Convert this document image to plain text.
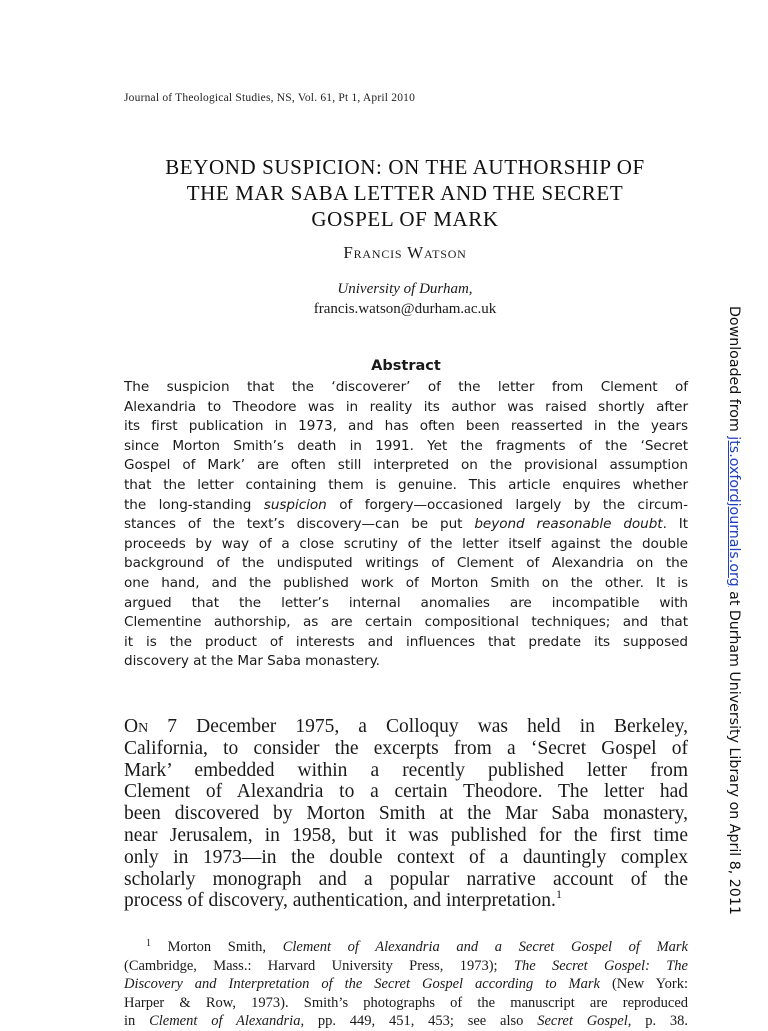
Journal of Theological Studies, NS, Vol. 61, Pt 1, April 2010
BEYOND SUSPICION: ON THE AUTHORSHIP OF
THE MAR SABA LETTER AND THE SECRET
GOSPEL OF MARK
Francis Watson
University of Durham,
francis.watson@durham.ac.uk
Abstract
The suspicion that the ‘discoverer’ of the letter from Clement of
Alexandria to Theodore was in reality its author was raised shortly after
its first publication in 1973, and has often been reasserted in the years
since Morton Smith’s death in 1991. Yet the fragments of the ‘Secret
Gospel of Mark’ are often still interpreted on the provisional assumption
that the letter containing them is genuine. This article enquires whether
the long-standing suspicion of forgery—occasioned largely by the circum-
stances of the text’s discovery—can be put beyond reasonable doubt. It
proceeds by way of a close scrutiny of the letter itself against the double
background of the undisputed writings of Clement of Alexandria on the
one hand, and the published work of Morton Smith on the other. It is
argued that the letter’s internal anomalies are incompatible with
Clementine authorship, as are certain compositional techniques; and that
it is the product of interests and influences that predate its supposed
discovery at the Mar Saba monastery.
On 7 December 1975, a Colloquy was held in Berkeley,
California, to consider the excerpts from a ‘Secret Gospel of
Mark’ embedded within a recently published letter from
Clement of Alexandria to a certain Theodore. The letter had
been discovered by Morton Smith at the Mar Saba monastery,
near Jerusalem, in 1958, but it was published for the first time
only in 1973—in the double context of a dauntingly complex
scholarly monograph and a popular narrative account of the
process of discovery, authentication, and interpretation.$^1$
$^1$ Morton Smith, Clement of Alexandria and a Secret Gospel of Mark
(Cambridge, Mass.: Harvard University Press, 1973); The Secret Gospel: The
Discovery and Interpretation of the Secret Gospel according to Mark (New York:
Harper & Row, 1973). Smith’s photographs of the manuscript are reproduced
in Clement of Alexandria, pp. 449, 451, 453; see also Secret Gospel, p. 38.
Downloaded from jts.oxfordjournals.org at Durham University Library on April 8, 2011
